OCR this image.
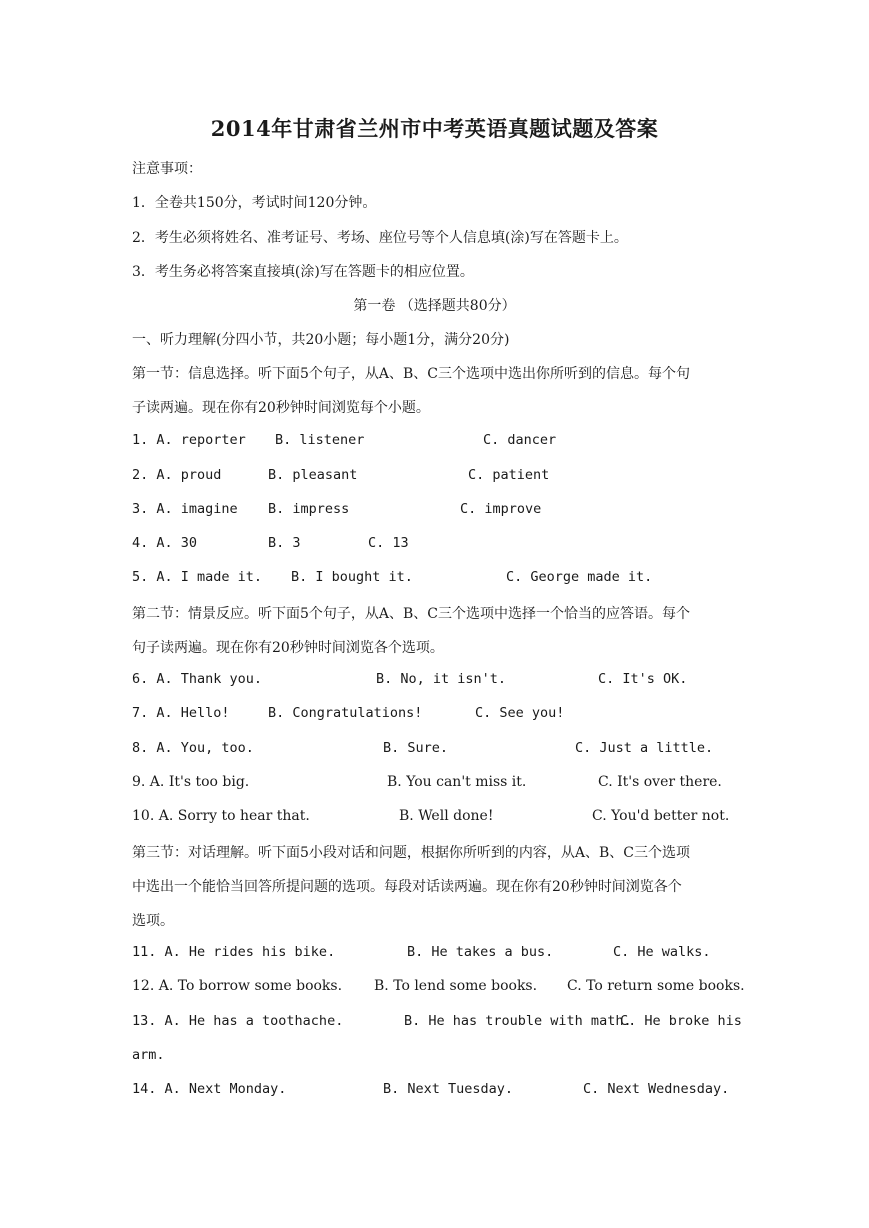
2014年甘肃省兰州市中考英语真题试题及答案
注意事项：
1．全卷共150分，考试时间120分钟。
2．考生必须将姓名、准考证号、考场、座位号等个人信息填(涂)写在答题卡上。
3．考生务必将答案直接填(涂)写在答题卡的相应位置。
第一卷 （选择题共80分）
一、听力理解(分四小节，共20小题；每小题1分，满分20分)
第一节：信息选择。听下面5个句子，从A、B、C三个选项中选出你所听到的信息。每个句
子读两遍。现在你有20秒钟时间浏览每个小题。
1. A. reporter B. listener	C. dancer
2. A. proud	B. pleasant	C. patient
3. A. imagine B. impress	C. improve
4. A. 30	B. 3	C. 13
5. A. I made it. B. I bought it.	C. George made it.
第二节：情景反应。听下面5个句子，从A、B、C三个选项中选择一个恰当的应答语。每个
句子读两遍。现在你有20秒钟时间浏览各个选项。
6. A. Thank you.	B. No, it isn't.	C. It's OK.
7. A. Hello!	B. Congratulations!	C. See you!
8. A. You, too.	B. Sure.	C. Just a little.
9. A. It's too big.	B. You can't miss it.	C. It's over there.
10. A. Sorry to hear that.	B. Well done!	C. You'd better not.
第三节：对话理解。听下面5小段对话和问题，根据你所听到的内容，从A、B、C三个选项
中选出一个能恰当回答所提问题的选项。每段对话读两遍。现在你有20秒钟时间浏览各个
选项。
11. A. He rides his bike.	B. He takes a bus.	C. He walks.
12. A. To borrow some books. B. To lend some books. C. To return some books.
13. A. He has a toothache.	B. He has trouble with math.
C. He broke his
arm.
14. A. Next Monday.	B. Next Tuesday.	C. Next Wednesday.
